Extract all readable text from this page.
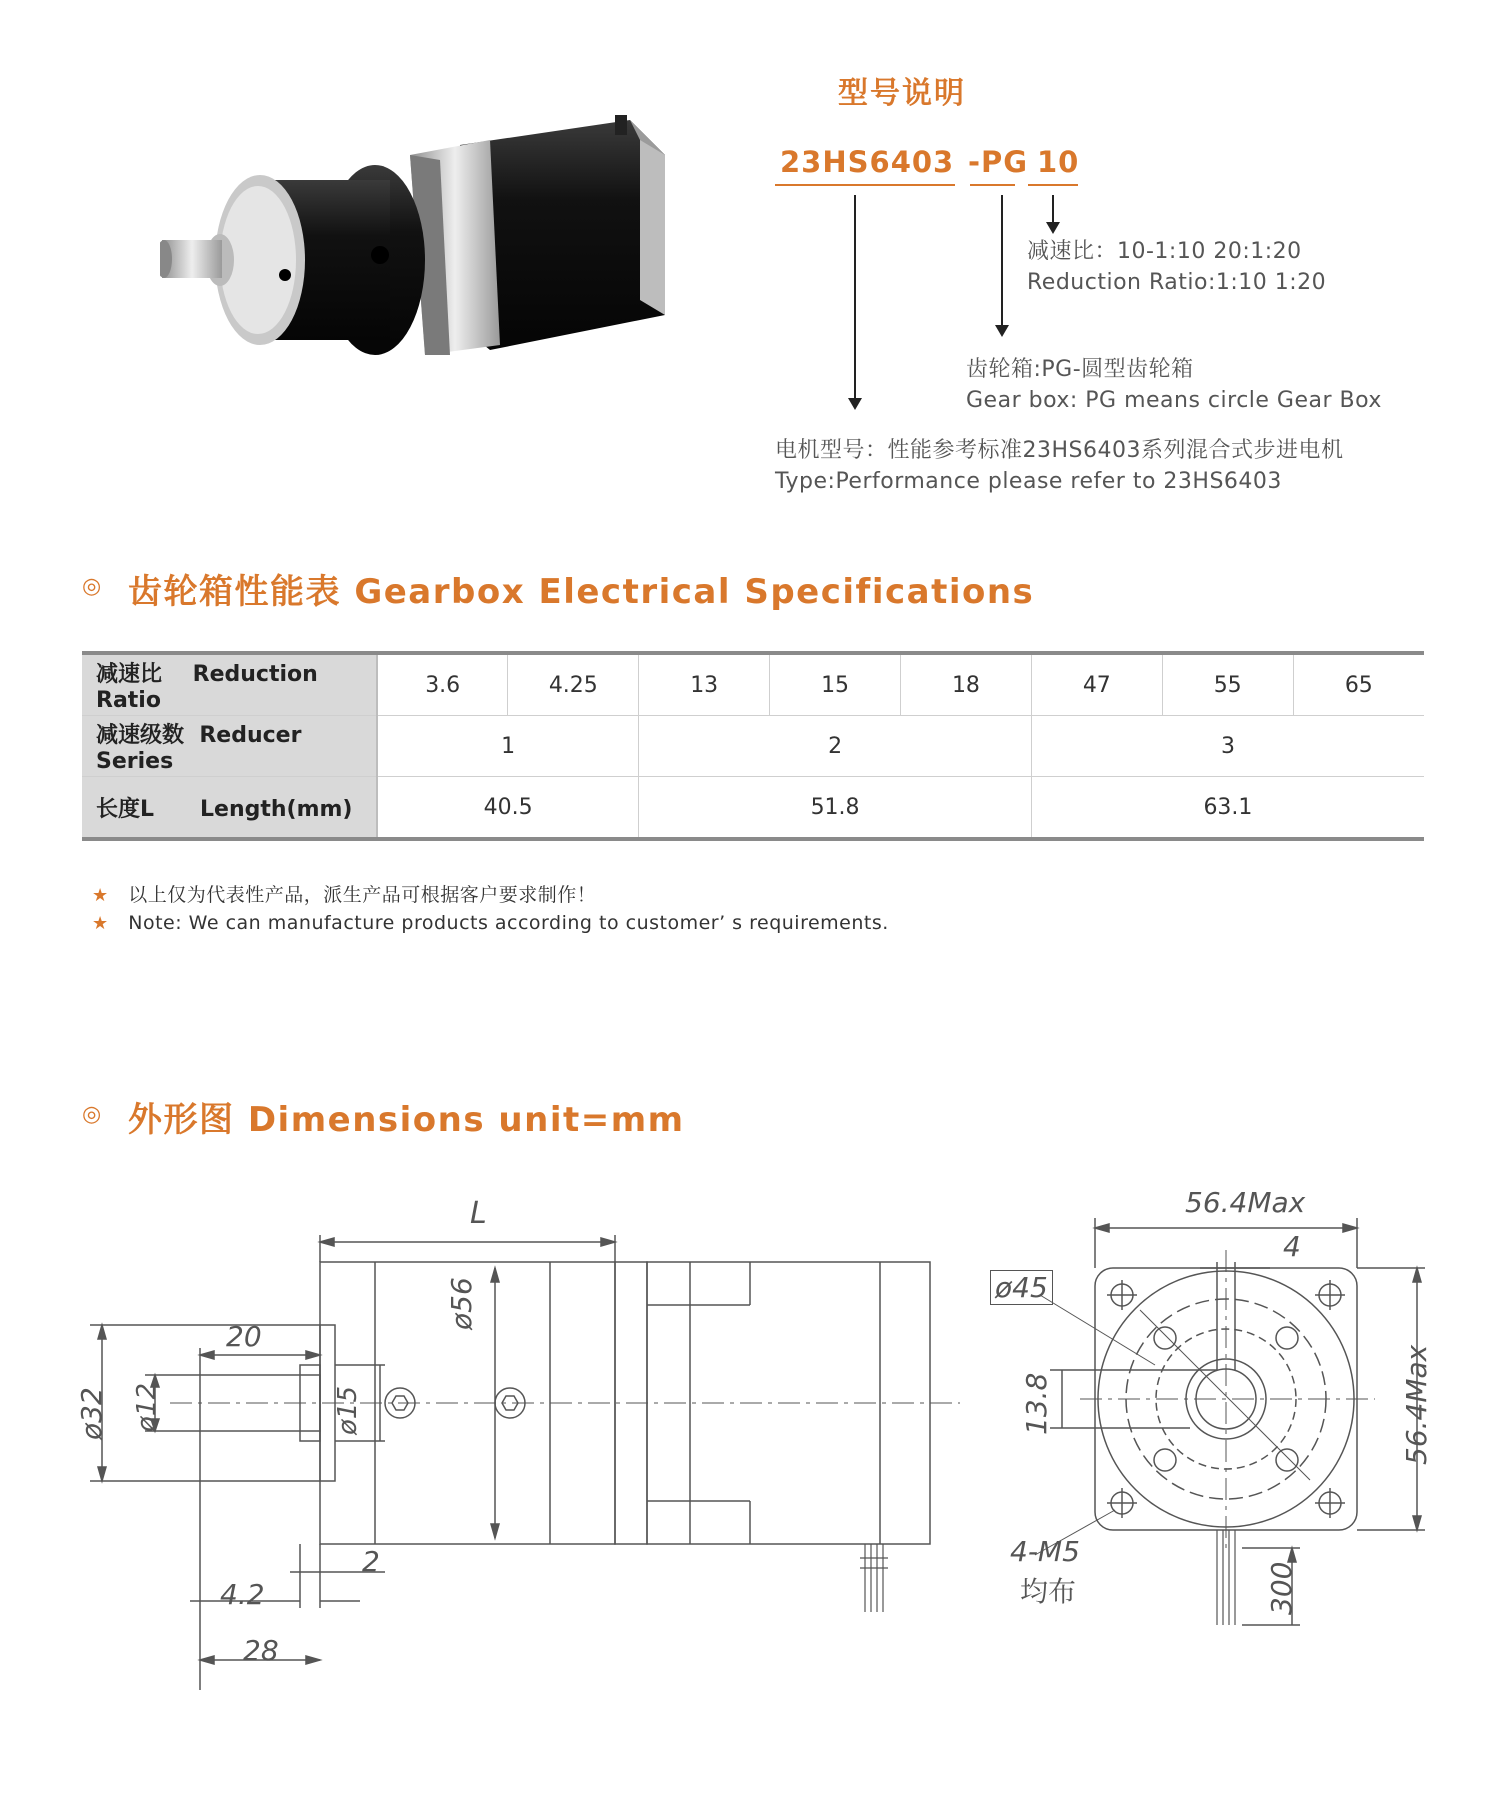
型号说明
23HS6403 -PG 10
减速比：10-1:10 20:1:20
Reduction Ratio:1:10 1:20
齿轮箱:PG-圆型齿轮箱
Gear box: PG means circle Gear Box
电机型号：性能参考标准23HS6403系列混合式步进电机
Type:Performance please refer to 23HS6403
◎ 齿轮箱性能表 Gearbox Electrical Specifications
减速比 Reduction Ratio	3.6	4.25	13	15	18	47	55	65
减速级数 Reducer Series	1		2			3		
长度L Length(mm)	40.5		51.8			63.1		
★ 以上仅为代表性产品，派生产品可根据客户要求制作！
★ Note: We can manufacture products according to customer’ s requirements.
◎ 外形图 Dimensions unit=mm
L
ø56
ø32 ø12	ø15
20
2
4.2
28
56.4Max
56.4Max
4
ø45
13.8
4-M5
均布	300
